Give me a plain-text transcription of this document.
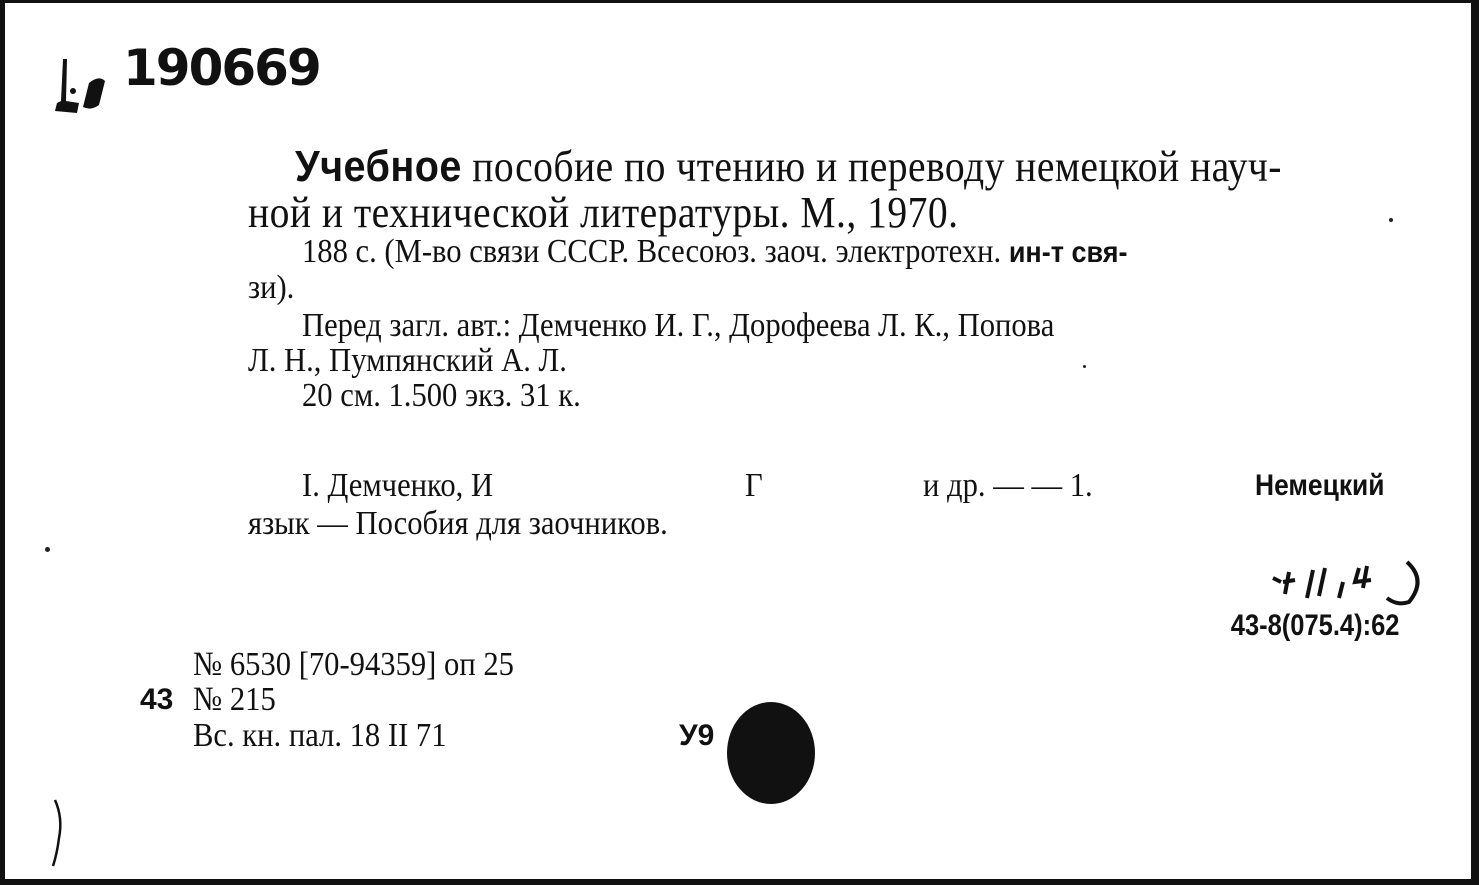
190669
Учебное пособие по чтению и переводу немецкой науч-
ной и технической литературы. М., 1970.
188 с. (М-во связи СССР. Всесоюз. заоч. электротехн. ин-т свя-
зи).
Перед загл. авт.: Демченко И. Г., Дорофеева Л. К., Попова
Л. Н., Пумпянский А. Л.
20 см. 1.500 экз. 31 к.
I. Демченко, И	Г	и др. — — 1.	Немецкий
язык — Пособия для заочников.
43-8(075.4):62
№ 6530 [70-94359] оп 25
43 № 215
Вс. кн. пал. 18 II 71	У9
